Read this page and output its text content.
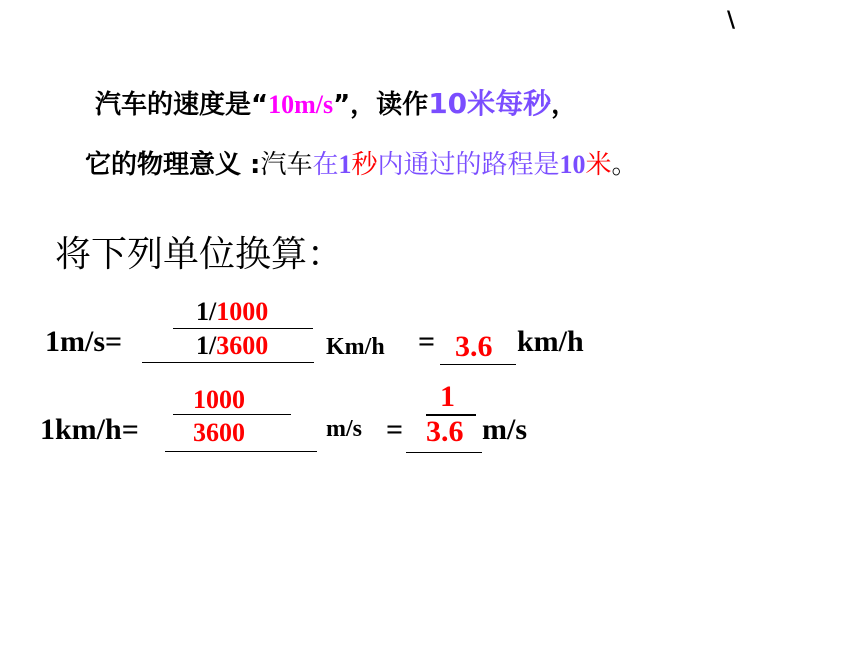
\
汽车的速度是“10m/s”，读作10米每秒，
它的物理意义 :汽车在1秒内通过的路程是10米。
将下列单位换算：
1m/s=
1/1000
1/3600 Km/h = 3.6 km/h
1km/h=
1000
3600	m/s =
1
3.6 m/s
